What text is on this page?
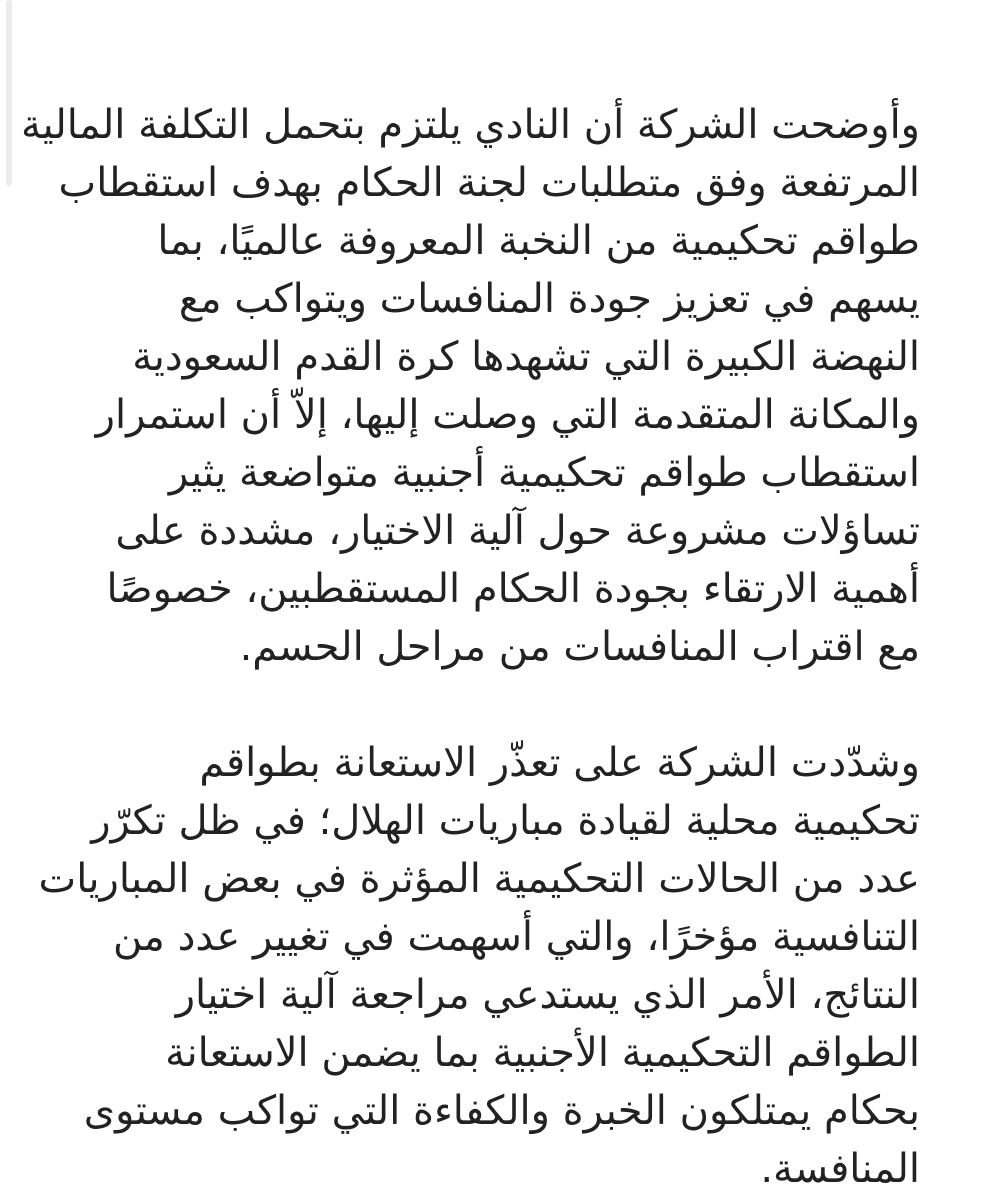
وأوضحت الشركة أن النادي يلتزم بتحمل التكلفة المالية
المرتفعة وفق متطلبات لجنة الحكام بهدف استقطاب
طواقم تحكيمية من النخبة المعروفة عالميًا، بما
يسهم في تعزيز جودة المنافسات ويتواكب مع
النهضة الكبيرة التي تشهدها كرة القدم السعودية
والمكانة المتقدمة التي وصلت إليها، إلاّ أن استمرار
استقطاب طواقم تحكيمية أجنبية متواضعة يثير
تساؤلات مشروعة حول آلية الاختيار، مشددة على
أهمية الارتقاء بجودة الحكام المستقطبين، خصوصًا
مع اقتراب المنافسات من مراحل الحسم.

وشدّدت الشركة على تعذّر الاستعانة بطواقم
تحكيمية محلية لقيادة مباريات الهلال؛ في ظل تكرّر
عدد من الحالات التحكيمية المؤثرة في بعض المباريات
التنافسية مؤخرًا، والتي أسهمت في تغيير عدد من
النتائج، الأمر الذي يستدعي مراجعة آلية اختيار
الطواقم التحكيمية الأجنبية بما يضمن الاستعانة
بحكام يمتلكون الخبرة والكفاءة التي تواكب مستوى
المنافسة.
